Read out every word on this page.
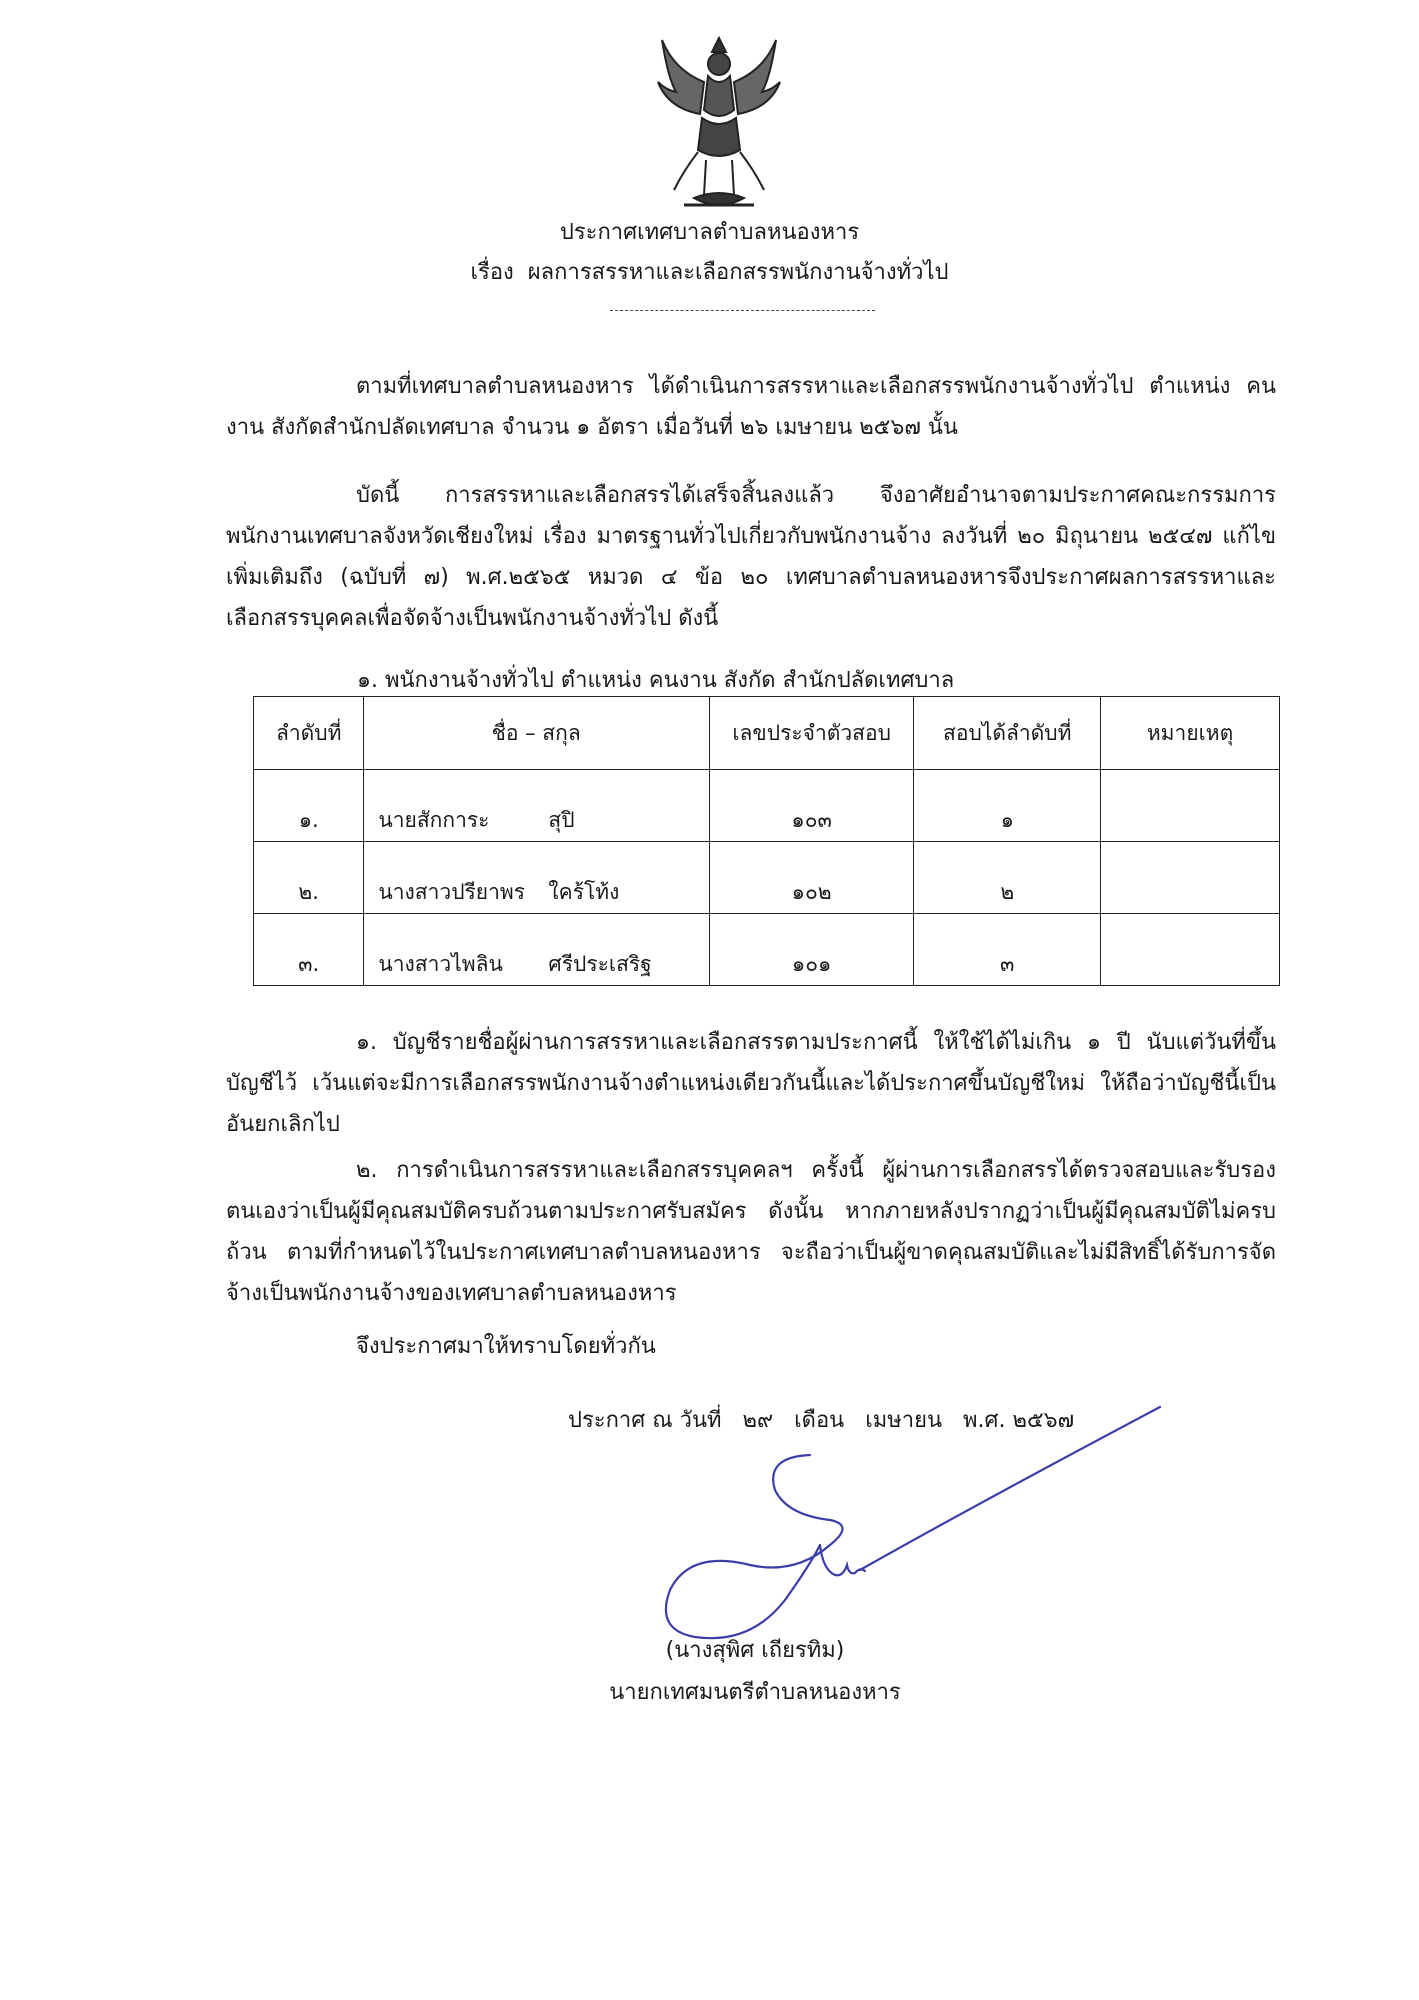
ประกาศเทศบาลตำบลหนองหาร
เรื่อง ผลการสรรหาและเลือกสรรพนักงานจ้างทั่วไป
ตามที่เทศบาลตำบลหนองหาร ได้ดำเนินการสรรหาและเลือกสรรพนักงานจ้างทั่วไป ตำแหน่ง คนงาน สังกัดสำนักปลัดเทศบาล จำนวน ๑ อัตรา เมื่อวันที่ ๒๖ เมษายน ๒๕๖๗ นั้น
บัดนี้ การสรรหาและเลือกสรรได้เสร็จสิ้นลงแล้ว จึงอาศัยอำนาจตามประกาศคณะกรรมการพนักงานเทศบาลจังหวัดเชียงใหม่ เรื่อง มาตรฐานทั่วไปเกี่ยวกับพนักงานจ้าง ลงวันที่ ๒๐ มิถุนายน ๒๕๔๗ แก้ไขเพิ่มเติมถึง (ฉบับที่ ๗) พ.ศ.๒๕๖๕ หมวด ๔ ข้อ ๒๐ เทศบาลตำบลหนองหารจึงประกาศผลการสรรหาและเลือกสรรบุคคลเพื่อจัดจ้างเป็นพนักงานจ้างทั่วไป ดังนี้
๑. พนักงานจ้างทั่วไป ตำแหน่ง คนงาน สังกัด สำนักปลัดเทศบาล
ลำดับที่	ชื่อ – สกุล	เลขประจำตัวสอบ	สอบได้ลำดับที่	หมายเหตุ
๑.	นายสักการะ สุปิ	๑๐๓	๑	
๒.	นางสาวปรียาพร ใคร้โท้ง	๑๐๒	๒	
๓.	นางสาวไพลิน ศรีประเสริฐ	๑๐๑	๓	
๑. บัญชีรายชื่อผู้ผ่านการสรรหาและเลือกสรรตามประกาศนี้ ให้ใช้ได้ไม่เกิน ๑ ปี นับแต่วันที่ขึ้นบัญชีไว้ เว้นแต่จะมีการเลือกสรรพนักงานจ้างตำแหน่งเดียวกันนี้และได้ประกาศขึ้นบัญชีใหม่ ให้ถือว่าบัญชีนี้เป็นอันยกเลิกไป
๒. การดำเนินการสรรหาและเลือกสรรบุคคลฯ ครั้งนี้ ผู้ผ่านการเลือกสรรได้ตรวจสอบและรับรองตนเองว่าเป็นผู้มีคุณสมบัติครบถ้วนตามประกาศรับสมัคร ดังนั้น หากภายหลังปรากฏว่าเป็นผู้มีคุณสมบัติไม่ครบถ้วน ตามที่กำหนดไว้ในประกาศเทศบาลตำบลหนองหาร จะถือว่าเป็นผู้ขาดคุณสมบัติและไม่มีสิทธิ์ได้รับการจัดจ้างเป็นพนักงานจ้างของเทศบาลตำบลหนองหาร
จึงประกาศมาให้ทราบโดยทั่วกัน
ประกาศ ณ วันที่ ๒๙ เดือน เมษายน พ.ศ. ๒๕๖๗
(นางสุพิศ เถียรทิม)
นายกเทศมนตรีตำบลหนองหาร
